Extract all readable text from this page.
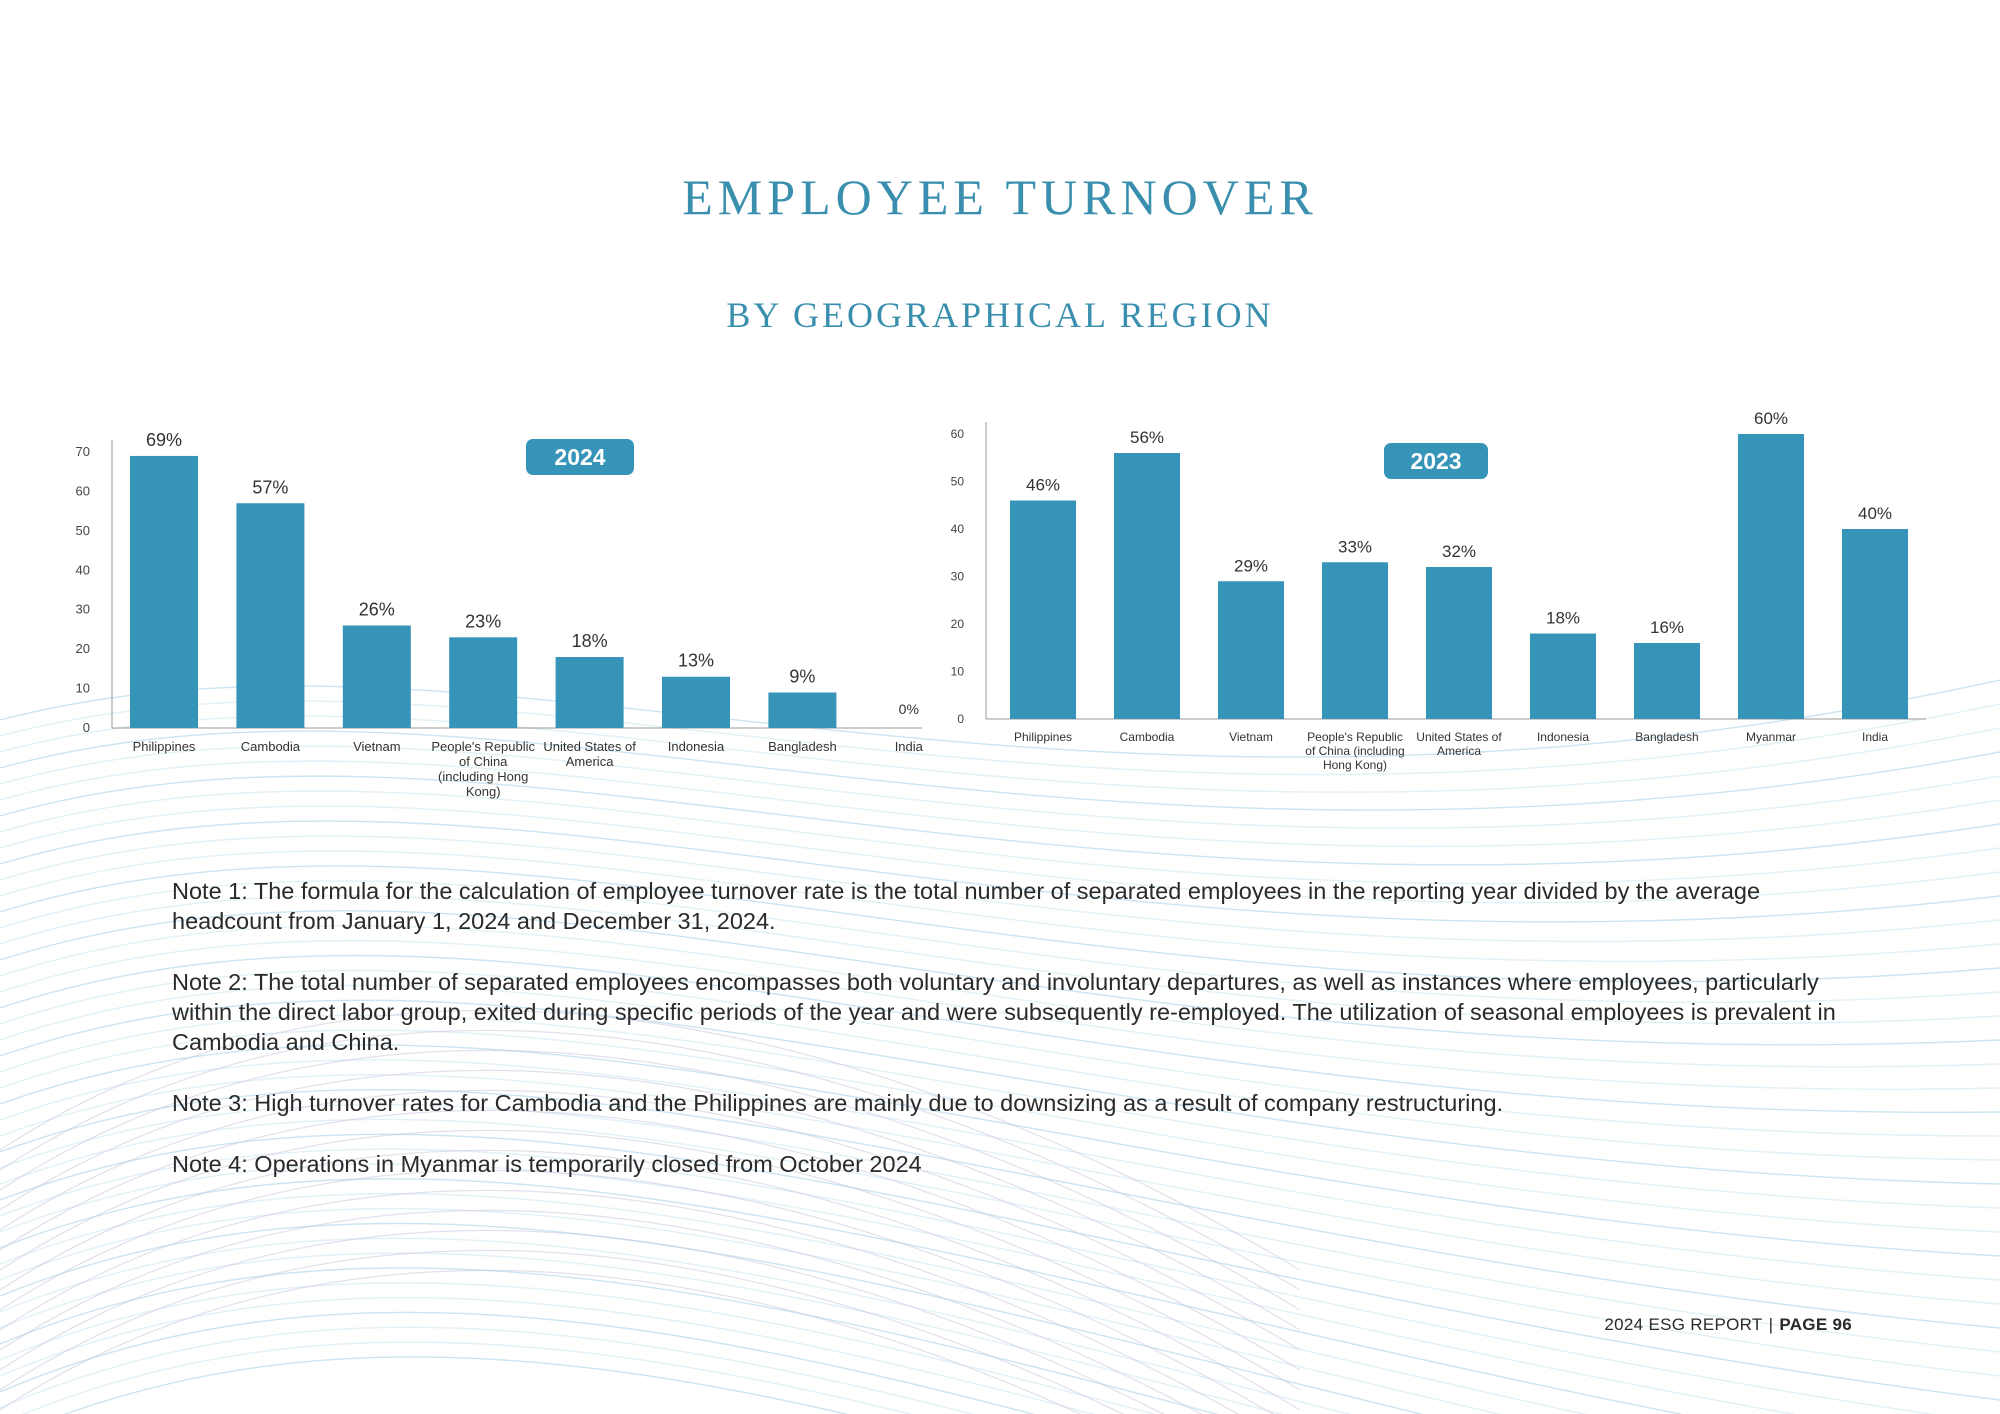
EMPLOYEE TURNOVER
BY GEOGRAPHICAL REGION
0
10
20
30
40
50
60
70
69%
Philippines
57%
Cambodia
26%
Vietnam
23%
People's Republic of China (including Hong Kong)
18%
United States of America
13%
Indonesia
9%
Bangladesh
0%
India
2024
0
10
20
30
40
50
60
46%
Philippines
56%
Cambodia
29%
Vietnam
33%
People's Republic of China (including Hong Kong)
32%
United States of America
18%
Indonesia
16%
Bangladesh
60%
Myanmar
40%
India
2023

Note 1: The formula for the calculation of employee turnover rate is the total number of separated employees in the reporting year divided by the average headcount from January 1, 2024 and December 31, 2024.

Note 2: The total number of separated employees encompasses both voluntary and involuntary departures, as well as instances where employees, particularly within the direct labor group, exited during specific periods of the year and were subsequently re-employed. The utilization of seasonal employees is prevalent in Cambodia and China.

Note 3: High turnover rates for Cambodia and the Philippines are mainly due to downsizing as a result of company restructuring.

Note 4: Operations in Myanmar is temporarily closed from October 2024

2024 ESG REPORT | PAGE 96
